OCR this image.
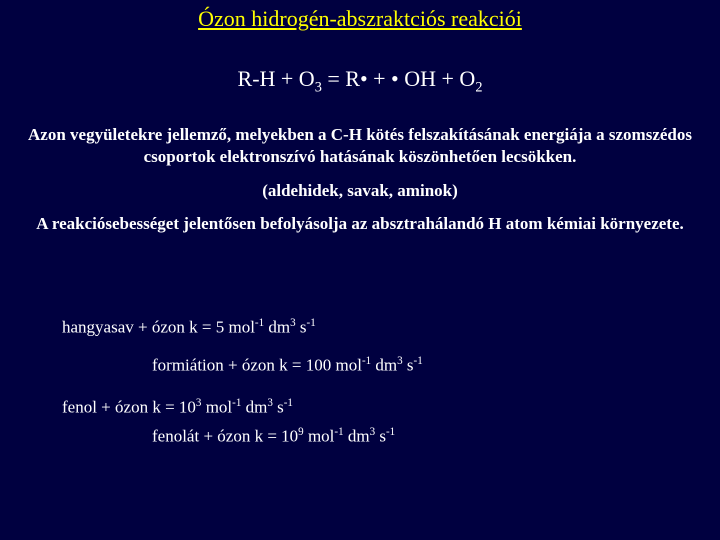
Ózon hidrogén-abszraktciós reakciói
$R-H + O_3$ = R• + • OH + $O_2$
Azon vegyületekre jellemző, melyekben a C-H kötés felszakításának energiája a szomszédos csoportok elektronszívó hatásának köszönhetően lecsökken.
(aldehidek, savak, aminok)
A reakciósebességet jelentősen befolyásolja az absztrahálandó H atom kémiai környezete.
hangyasav + ózon k = 5 mol$^{-1}$ $dm^3$ $s^{-1}$
formiátion + ózon k = 100 mol$^{-1}$ $dm^3$ $s^{-1}$
fenol + ózon $k = 10^3$ mol$^{-1}$ $dm^3$ $s^{-1}$
fenolát + ózon $k = 10^9$ mol$^{-1}$ $dm^3$ $s^{-1}$
